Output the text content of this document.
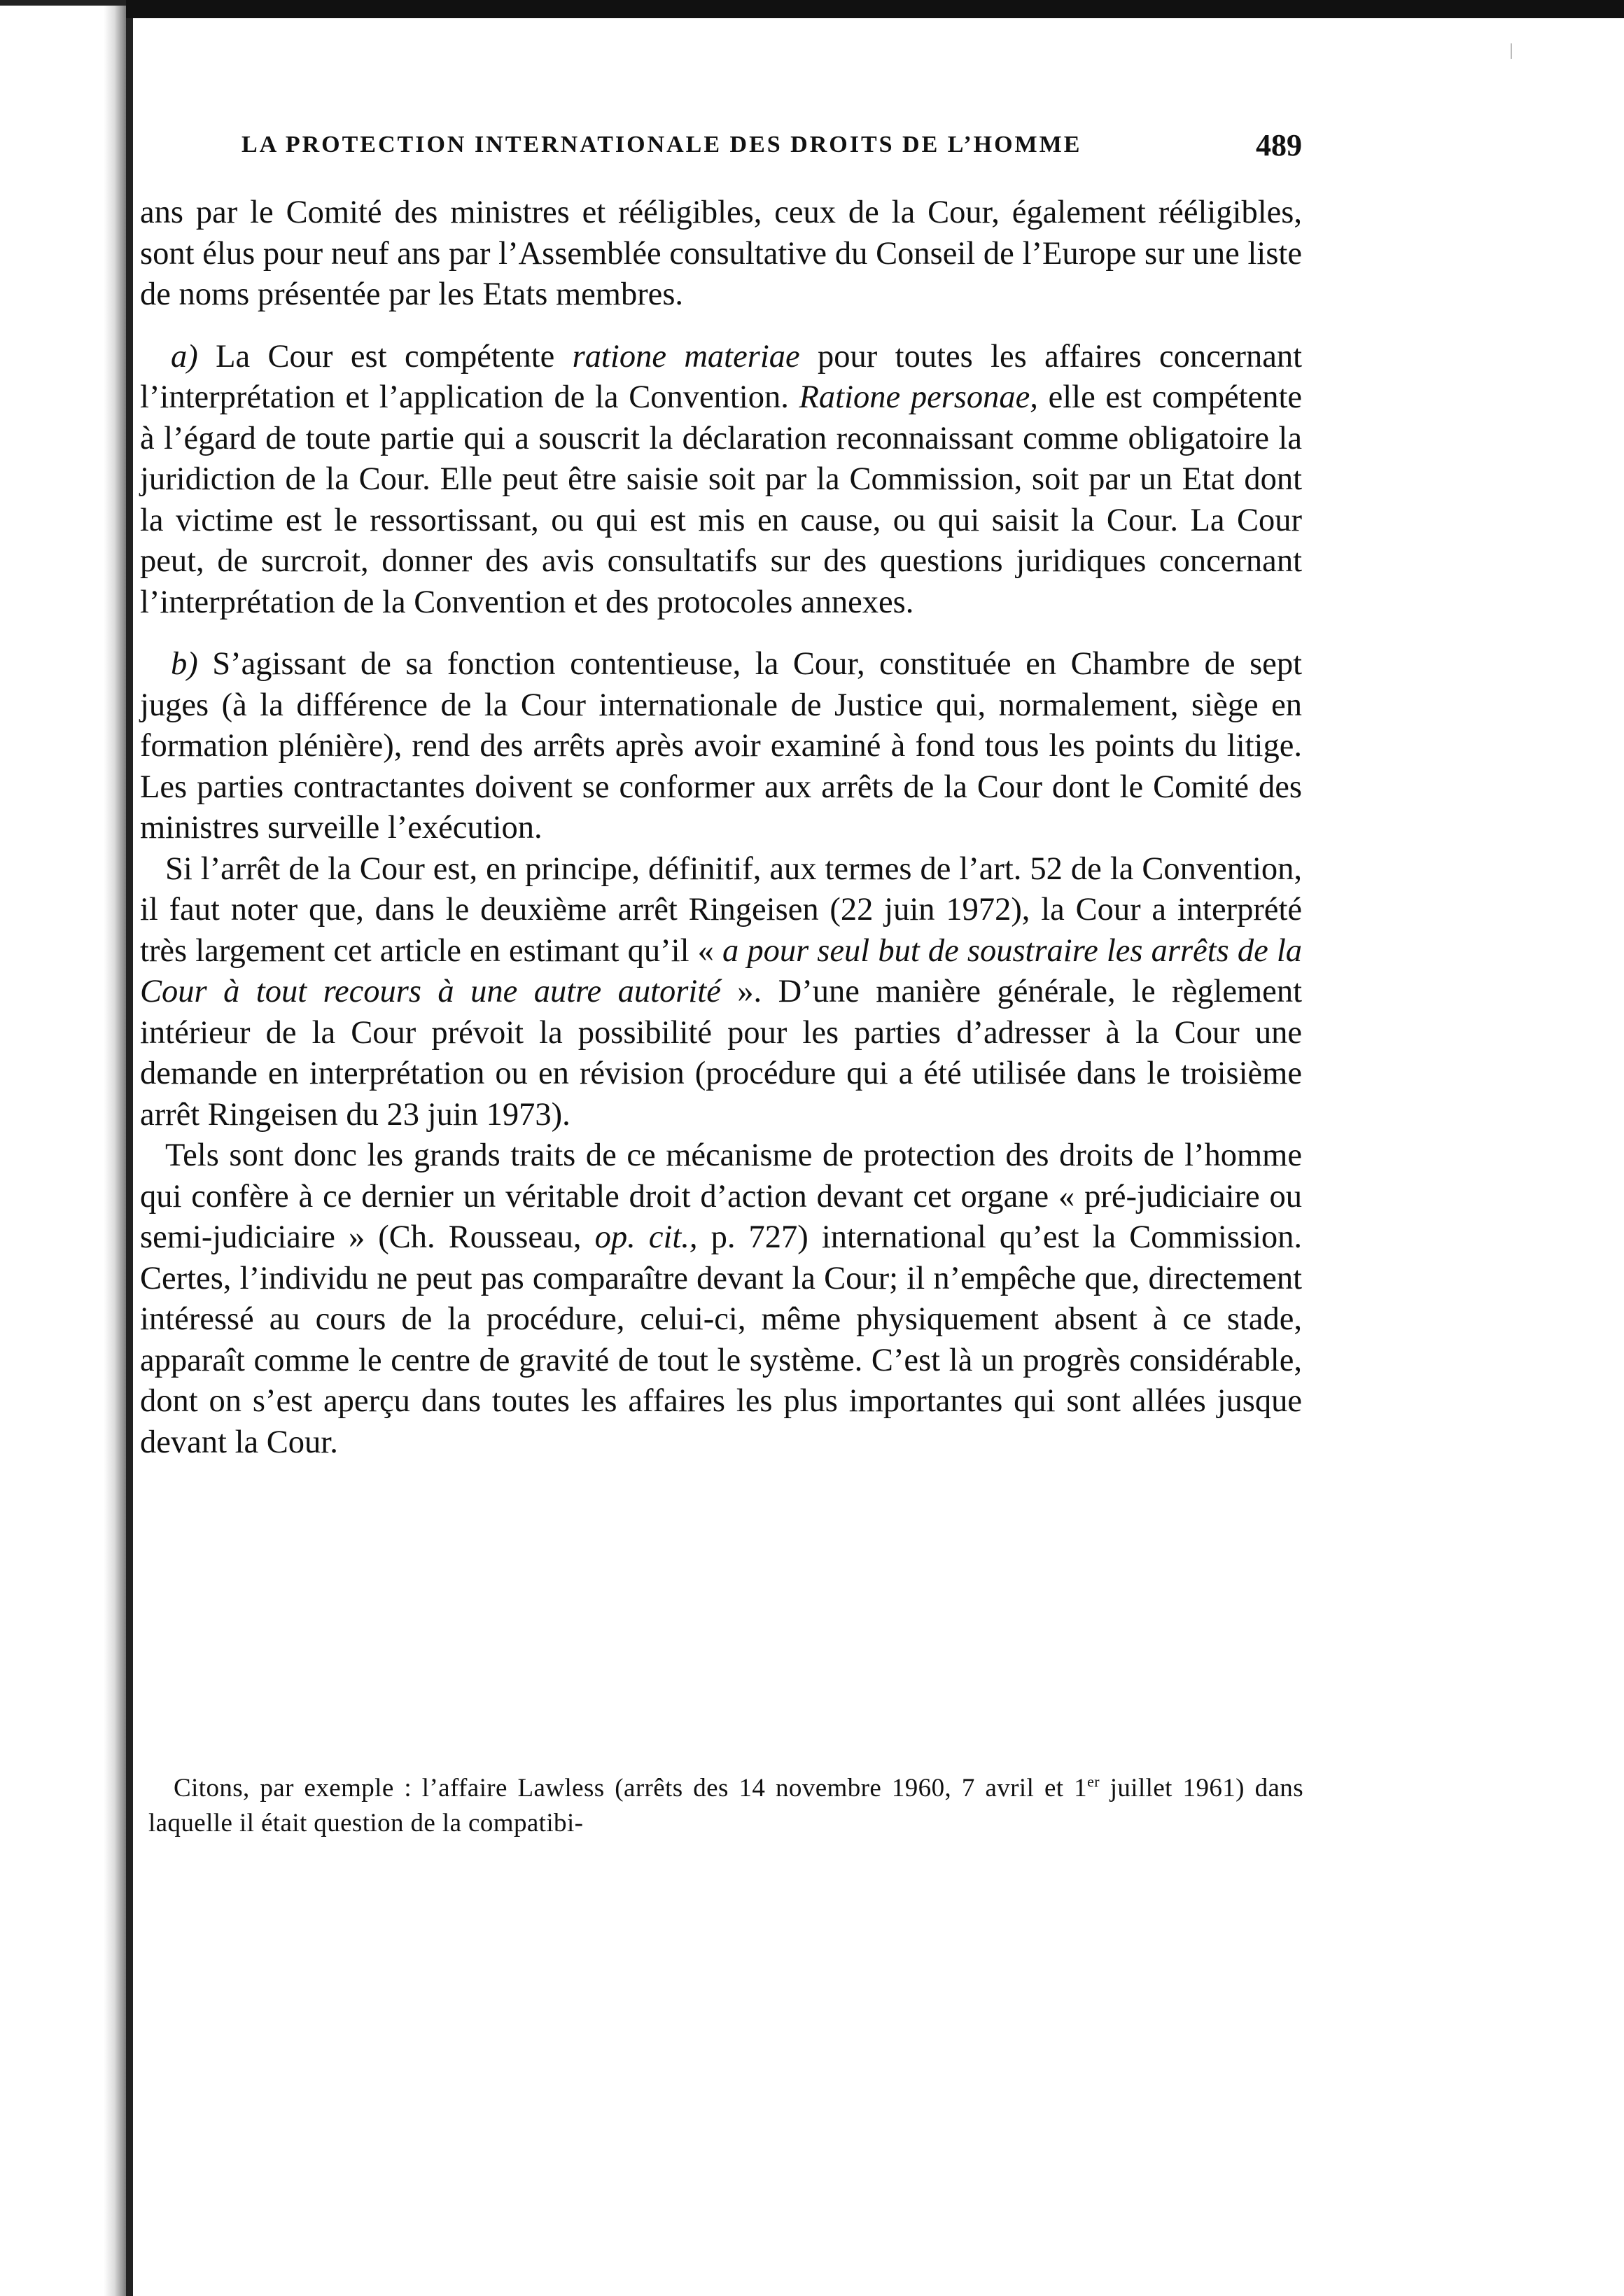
LA PROTECTION INTERNATIONALE DES DROITS DE L’HOMME	489

ans par le Comité des ministres et rééligibles, ceux de la Cour, également rééligibles, sont élus pour neuf ans par l’Assemblée consultative du Conseil de l’Europe sur une liste de noms présentée par les Etats membres.

a) La Cour est compétente ratione materiae pour toutes les affaires concernant l’interprétation et l’application de la Convention. Ratione personae, elle est compétente à l’égard de toute partie qui a souscrit la déclaration reconnaissant comme obligatoire la juridiction de la Cour. Elle peut être saisie soit par la Commission, soit par un Etat dont la victime est le ressortissant, ou qui est mis en cause, ou qui saisit la Cour. La Cour peut, de surcroit, donner des avis consultatifs sur des questions juridiques concernant l’interprétation de la Convention et des protocoles annexes.

b) S’agissant de sa fonction contentieuse, la Cour, constituée en Chambre de sept juges (à la différence de la Cour internationale de Justice qui, normalement, siège en formation plénière), rend des arrêts après avoir examiné à fond tous les points du litige. Les parties contractantes doivent se conformer aux arrêts de la Cour dont le Comité des ministres surveille l’exécution.

Si l’arrêt de la Cour est, en principe, définitif, aux termes de l’art. 52 de la Convention, il faut noter que, dans le deuxième arrêt Ringeisen (22 juin 1972), la Cour a interprété très largement cet article en estimant qu’il « a pour seul but de soustraire les arrêts de la Cour à tout recours à une autre autorité ». D’une manière générale, le règlement intérieur de la Cour prévoit la possibilité pour les parties d’adresser à la Cour une demande en interprétation ou en révision (procédure qui a été utilisée dans le troisième arrêt Ringeisen du 23 juin 1973).

Tels sont donc les grands traits de ce mécanisme de protection des droits de l’homme qui confère à ce dernier un véritable droit d’action devant cet organe « pré-judiciaire ou semi-judiciaire » (Ch. Rousseau, op. cit., p. 727) international qu’est la Commission. Certes, l’individu ne peut pas comparaître devant la Cour; il n’empêche que, directement intéressé au cours de la procédure, celui-ci, même physiquement absent à ce stade, apparaît comme le centre de gravité de tout le système. C’est là un progrès considérable, dont on s’est aperçu dans toutes les affaires les plus importantes qui sont allées jusque devant la Cour.

Citons, par exemple : l’affaire Lawless (arrêts des 14 novembre 1960, 7 avril et 1er juillet 1961) dans laquelle il était question de la compatibi-
